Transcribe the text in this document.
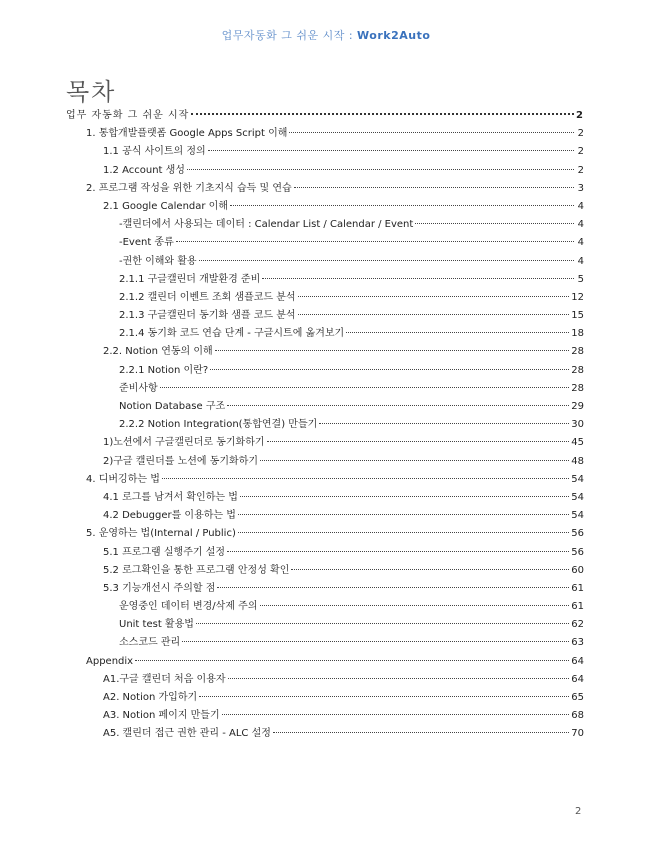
업무자동화 그 쉬운 시작 : Work2Auto
목차
업무 자동화 그 쉬운 시작	2
1. 통합개발플랫폼 Google Apps Script 이해	2
1.1 공식 사이트의 정의	2
1.2 Account 생성	2
2. 프로그램 작성을 위한 기초지식 습득 및 연습	3
2.1 Google Calendar 이해	4
-캘린더에서 사용되는 데이터 : Calendar List / Calendar / Event	4
-Event 종류	4
-권한 이해와 활용	4
2.1.1 구글캘린더 개발환경 준비	5
2.1.2 캘린더 이벤트 조회 샘플코드 분석	12
2.1.3 구글캘린더 동기화 샘플 코드 분석	15
2.1.4 동기화 코드 연습 단계 - 구글시트에 옮겨보기	18
2.2. Notion 연동의 이해	28
2.2.1 Notion 이란?	28
준비사항	28
Notion Database 구조	29
2.2.2 Notion Integration(통합연결) 만들기	30
1)노션에서 구글캘린더로 동기화하기	45
2)구글 캘린더를 노션에 동기화하기	48
4. 디버깅하는 법	54
4.1 로그를 남겨서 확인하는 법	54
4.2 Debugger를 이용하는 법	54
5. 운영하는 법(Internal / Public)	56
5.1 프로그램 실행주기 설정	56
5.2 로그확인을 통한 프로그램 안정성 확인	60
5.3 기능개선시 주의할 점	61
운영중인 데이터 변경/삭제 주의	61
Unit test 활용법	62
소스코드 관리	63
Appendix	64
A1.구글 캘린더 처음 이용자	64
A2. Notion 가입하기	65
A3. Notion 페이지 만들기	68
A5. 캘린더 접근 권한 관리 - ALC 설정	70
2
